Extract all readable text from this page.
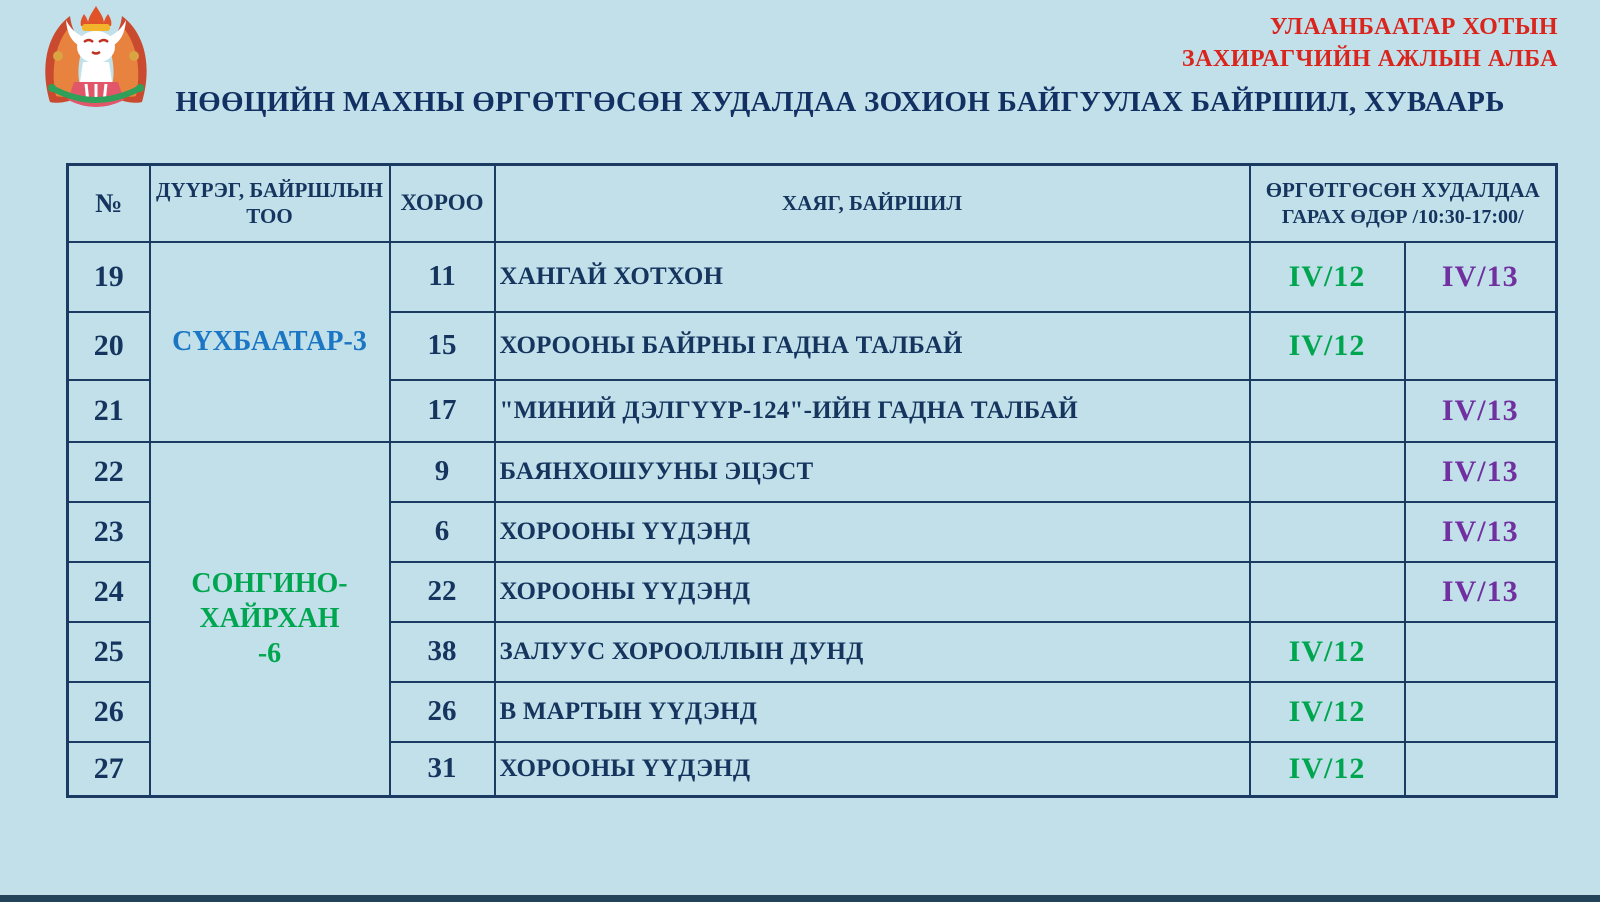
УЛААНБААТАР ХОТЫН
ЗАХИРАГЧИЙН АЖЛЫН АЛБА
НӨӨЦИЙН МАХНЫ ӨРГӨТГӨСӨН ХУДАЛДАА ЗОХИОН БАЙГУУЛАХ БАЙРШИЛ, ХУВААРЬ
№	ДҮҮРЭГ, БАЙРШЛЫН ТОО	ХОРОО	ХАЯГ, БАЙРШИЛ	ӨРГӨТГӨСӨН ХУДАЛДАА
ГАРАХ ӨДӨР /10:30-17:00/	

19	СҮХБААТАР-3	11	ХАНГАЙ ХОТХОН	IV/12	IV/13
20		15	ХОРООНЫ БАЙРНЫ ГАДНА ТАЛБАЙ	IV/12	
21		17	"МИНИЙ ДЭЛГҮҮР-124"-ИЙН ГАДНА ТАЛБАЙ		IV/13
22	СОНГИНО-
ХАЙРХАН
-6	9	БАЯНХОШУУНЫ ЭЦЭСТ		IV/13
23		6	ХОРООНЫ ҮҮДЭНД		IV/13
24		22	ХОРООНЫ ҮҮДЭНД		IV/13
25		38	ЗАЛУУС ХОРООЛЛЫН ДУНД	IV/12	
26		26	В МАРТЫН ҮҮДЭНД	IV/12	
27		31	ХОРООНЫ ҮҮДЭНД	IV/12	
